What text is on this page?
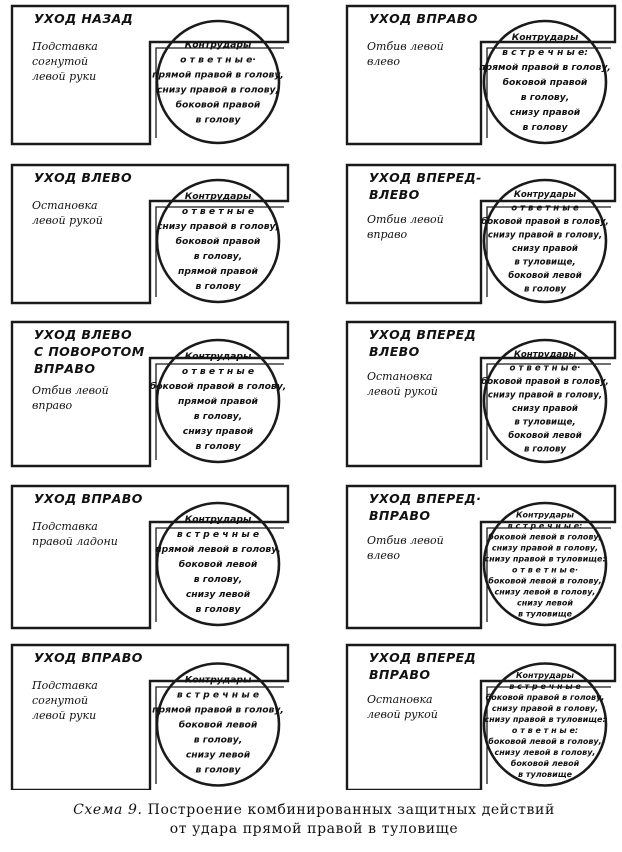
УХОД НАЗАД
Подставка согнутой левой руки
Контрудары о т в е т н ы е· прямой правой в голову, снизу правой в голову, боковой правой в голову
УХОД ВПРАВО
Отбив левой влево
Контрудары в с т р е ч н ы е: прямой правой в голову, боковой правой в голову, снизу правой в голову
УХОД ВЛЕВО
Остановка левой рукой
Контрудары о т в е т н ы е снизу правой в голову, боковой правой в голову, прямой правой в голову
УХОД ВПЕРЕД-ВЛЕВО
Отбив левой вправо
Контрудары о т в е т н ы е боковой правой в голову, снизу правой в голову, снизу правой в туловище, боковой левой в голову
УХОД ВЛЕВО С ПОВОРОТОМ ВПРАВО
Отбив левой вправо
Контрудары о т в е т н ы е боковой правой в голову, прямой правой в голову, снизу правой в голову
УХОД ВПЕРЕД ВЛЕВО
Остановка левой рукой
Контрудары о т в е т н ы е· боковой правой в голову, снизу правой в голову, снизу правой в туловище, боковой левой в голову
УХОД ВПРАВО
Подставка правой ладони
Контрудары в с т р е ч н ы е прямой левой в голову, боковой левой в голову, снизу левой в голову
УХОД ВПЕРЕД· ВПРАВО
Отбив левой влево
Контрудары в с т р е ч н ы е: боковой левой в голову, снизу правой в голову, снизу правой в туловище: о т в е т н ы е· боковой левой в голову, снизу левой в голову, снизу левой в туловище
УХОД ВПРАВО
Подставка согнутой левой руки
Контрудары в с т р е ч н ы е прямой правой в голову, боковой левой в голову, снизу левой в голову
УХОД ВПЕРЕД ВПРАВО
Остановка левой рукой
Контрудары в с т р е ч н ы е боковой правой в голову, снизу правой в голову, снизу правой в туловище: о т в е т н ы е: боковой левой в голову, снизу левой в голову, боковой левой в туловище
Схема 9. Построение комбинированных защитных действий
от удара прямой правой в туловище
